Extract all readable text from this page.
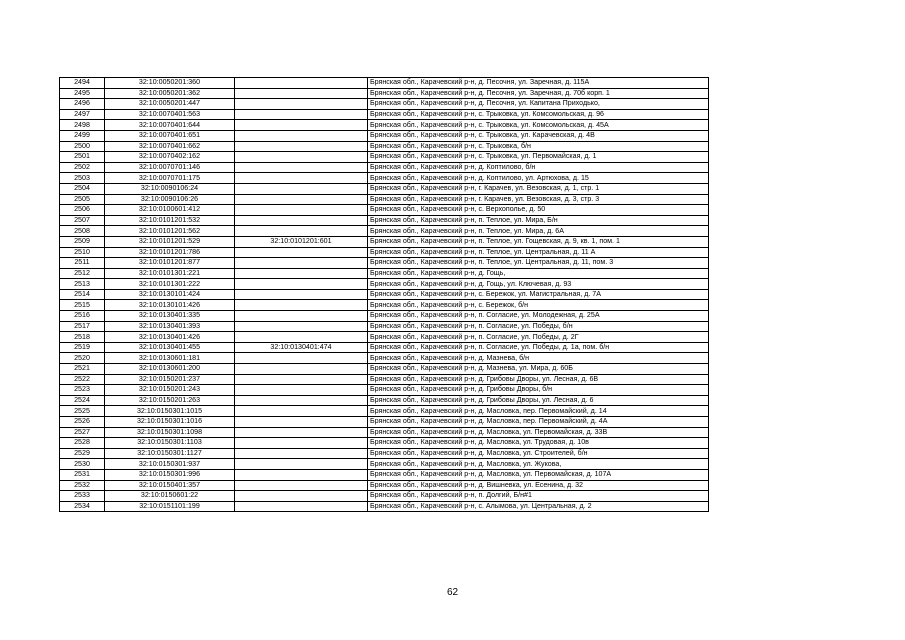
2494	32:10:0050201:360		Брянская обл., Карачевский р-н, д. Песочня, ул. Заречная, д. 115А
2495	32:10:0050201:362		Брянская обл., Карачевский р-н, д. Песочня, ул. Заречная, д. 70б корп. 1
2496	32:10:0050201:447		Брянская обл., Карачевский р-н, д. Песочня, ул. Капитана Приходько,
2497	32:10:0070401:563		Брянская обл., Карачевский р-н, с. Трыковка, ул. Комсомольская, д. 96
2498	32:10:0070401:644		Брянская обл., Карачевский р-н, с. Трыковка, ул. Комсомольская, д. 45А
2499	32:10:0070401:651		Брянская обл., Карачевский р-н, с. Трыковка, ул. Карачевская, д. 4В
2500	32:10:0070401:662		Брянская обл., Карачевский р-н, с. Трыковка, б/н
2501	32:10:0070402:162		Брянская обл., Карачевский р-н, с. Трыковка, ул. Первомайская, д. 1
2502	32:10:0070701:146		Брянская обл., Карачевский р-н, д. Коптилово, б/н
2503	32:10:0070701:175		Брянская обл., Карачевский р-н, д. Коптилово, ул. Артюхова, д. 15
2504	32:10:0090106:24		Брянская обл., Карачевский р-н, г. Карачев, ул. Везовская, д. 1, стр. 1
2505	32:10:0090106:26		Брянская обл., Карачевский р-н, г. Карачев, ул. Везовская, д. 3, стр. 3
2506	32:10:0100601:412		Брянская обл., Карачевский р-н, с. Верхополье, д. 50
2507	32:10:0101201:532		Брянская обл., Карачевский р-н, п. Теплое, ул. Мира, Б/н
2508	32:10:0101201:562		Брянская обл., Карачевский р-н, п. Теплое, ул. Мира, д. 6А
2509	32:10:0101201:529	32:10:0101201:601	Брянская обл., Карачевский р-н, п. Теплое, ул. Гощевская, д. 9, кв. 1, пом. 1
2510	32:10:0101201:786		Брянская обл., Карачевский р-н, п. Теплое, ул. Центральная, д. 11 А
2511	32:10:0101201:877		Брянская обл., Карачевский р-н, п. Теплое, ул. Центральная, д. 11, пом. 3
2512	32:10:0101301:221		Брянская обл., Карачевский р-н, д. Гощь,
2513	32:10:0101301:222		Брянская обл., Карачевский р-н, д. Гощь, ул. Ключевая, д. 93
2514	32:10:0130101:424		Брянская обл., Карачевский р-н, с. Бережок, ул. Магистральная, д. 7А
2515	32:10:0130101:426		Брянская обл., Карачевский р-н, с. Бережок, б/н
2516	32:10:0130401:335		Брянская обл., Карачевский р-н, п. Согласие, ул. Молодежная, д. 25А
2517	32:10:0130401:393		Брянская обл., Карачевский р-н, п. Согласие, ул. Победы, б/н
2518	32:10:0130401:426		Брянская обл., Карачевский р-н, п. Согласие, ул. Победы, д. 2Г
2519	32:10:0130401:455	32:10:0130401:474	Брянская обл., Карачевский р-н, п. Согласие, ул. Победы, д. 1а, пом. б/н
2520	32:10:0130601:181		Брянская обл., Карачевский р-н, д. Мазнева, б/н
2521	32:10:0130601:200		Брянская обл., Карачевский р-н, д. Мазнева, ул. Мира, д. 60Б
2522	32:10:0150201:237		Брянская обл., Карачевский р-н, д. Грибовы Дворы, ул. Лесная, д. 6В
2523	32:10:0150201:243		Брянская обл., Карачевский р-н, д. Грибовы Дворы, б/н
2524	32:10:0150201:263		Брянская обл., Карачевский р-н, д. Грибовы Дворы, ул. Лесная, д. 6
2525	32:10:0150301:1015		Брянская обл., Карачевский р-н, д. Масловка, пер. Первомайский, д. 14
2526	32:10:0150301:1016		Брянская обл., Карачевский р-н, д. Масловка, пер. Первомайский, д. 4А
2527	32:10:0150301:1098		Брянская обл., Карачевский р-н, д. Масловка, ул. Первомайская, д. 33В
2528	32:10:0150301:1103		Брянская обл., Карачевский р-н, д. Масловка, ул. Трудовая, д. 10в
2529	32:10:0150301:1127		Брянская обл., Карачевский р-н, д. Масловка, ул. Строителей, б/н
2530	32:10:0150301:937		Брянская обл., Карачевский р-н, д. Масловка, ул. Жукова,
2531	32:10:0150301:996		Брянская обл., Карачевский р-н, д. Масловка, ул. Первомайская, д. 107А
2532	32:10:0150401:357		Брянская обл., Карачевский р-н, д. Вишневка, ул. Есенина, д. 32
2533	32:10:0150601:22		Брянская обл., Карачевский р-н, п. Долгий, Б/н#1
2534	32:10:0151101:199		Брянская обл., Карачевский р-н, с. Алымова, ул. Центральная, д. 2
62
